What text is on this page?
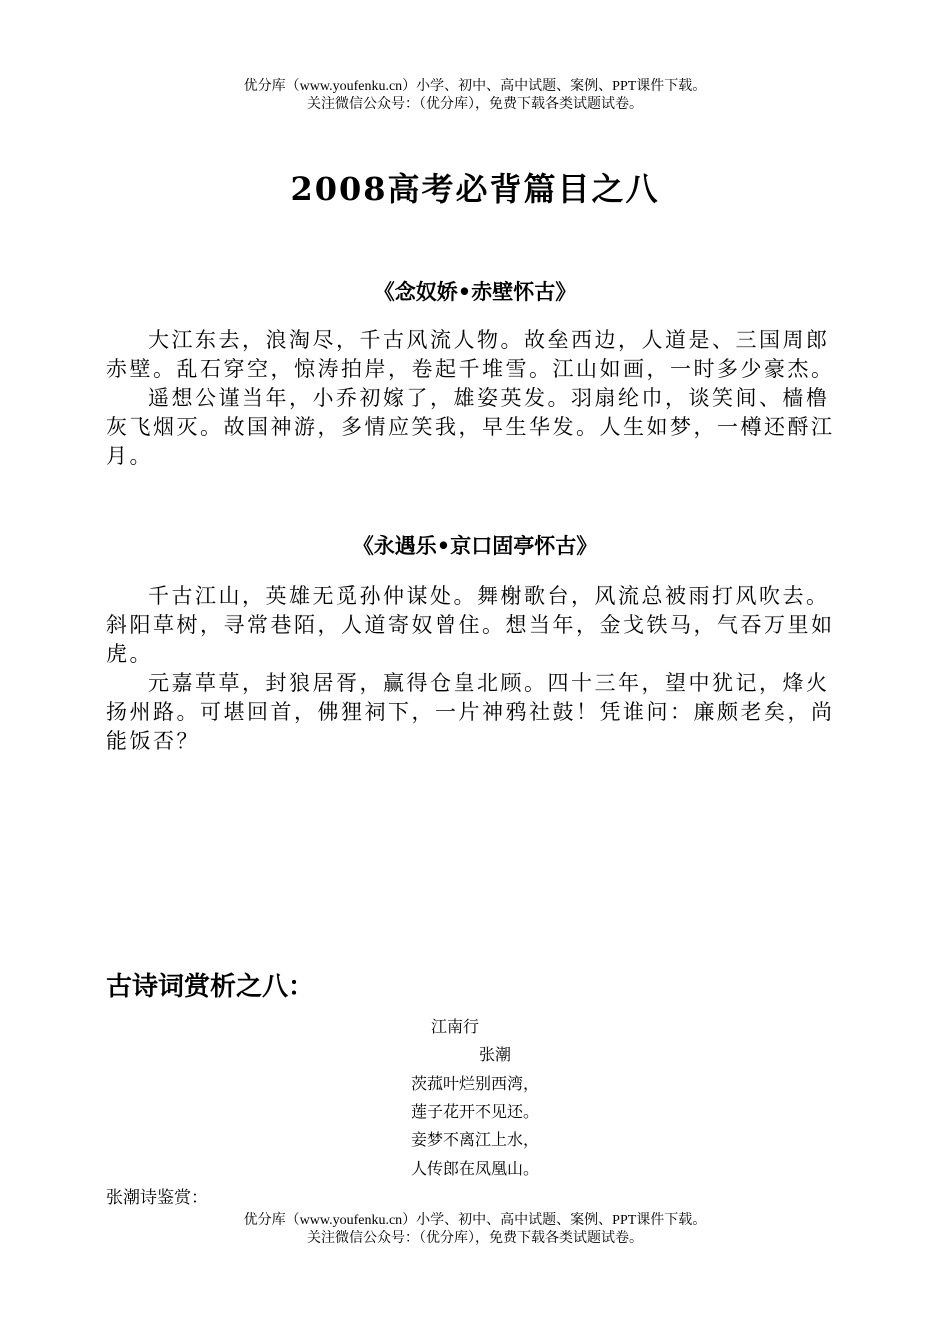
优分库（www.youfenku.cn）小学、初中、高中试题、案例、PPT课件下载。
关注微信公众号：（优分库），免费下载各类试题试卷。
2008高考必背篇目之八
《念奴娇•赤壁怀古》

大江东去，浪淘尽，千古风流人物。故垒西边，人道是、三国周郎赤壁。乱石穿空，惊涛拍岸，卷起千堆雪。江山如画，一时多少豪杰。

遥想公谨当年，小乔初嫁了，雄姿英发。羽扇纶巾，谈笑间、樯橹灰飞烟灭。故国神游，多情应笑我，早生华发。人生如梦，一樽还酹江月。

《永遇乐•京口固亭怀古》

千古江山，英雄无觅孙仲谋处。舞榭歌台，风流总被雨打风吹去。斜阳草树，寻常巷陌，人道寄奴曾住。想当年，金戈铁马，气吞万里如虎。

元嘉草草，封狼居胥，赢得仓皇北顾。四十三年，望中犹记，烽火扬州路。可堪回首，佛狸祠下，一片神鸦社鼓！凭谁问：廉颇老矣，尚能饭否？

古诗词赏析之八：
江南行
张潮
茨菰叶烂别西湾，
莲子花开不见还。
妾梦不离江上水，
人传郎在凤凰山。
张潮诗鉴赏：
优分库（www.youfenku.cn）小学、初中、高中试题、案例、PPT课件下载。
关注微信公众号：（优分库），免费下载各类试题试卷。
